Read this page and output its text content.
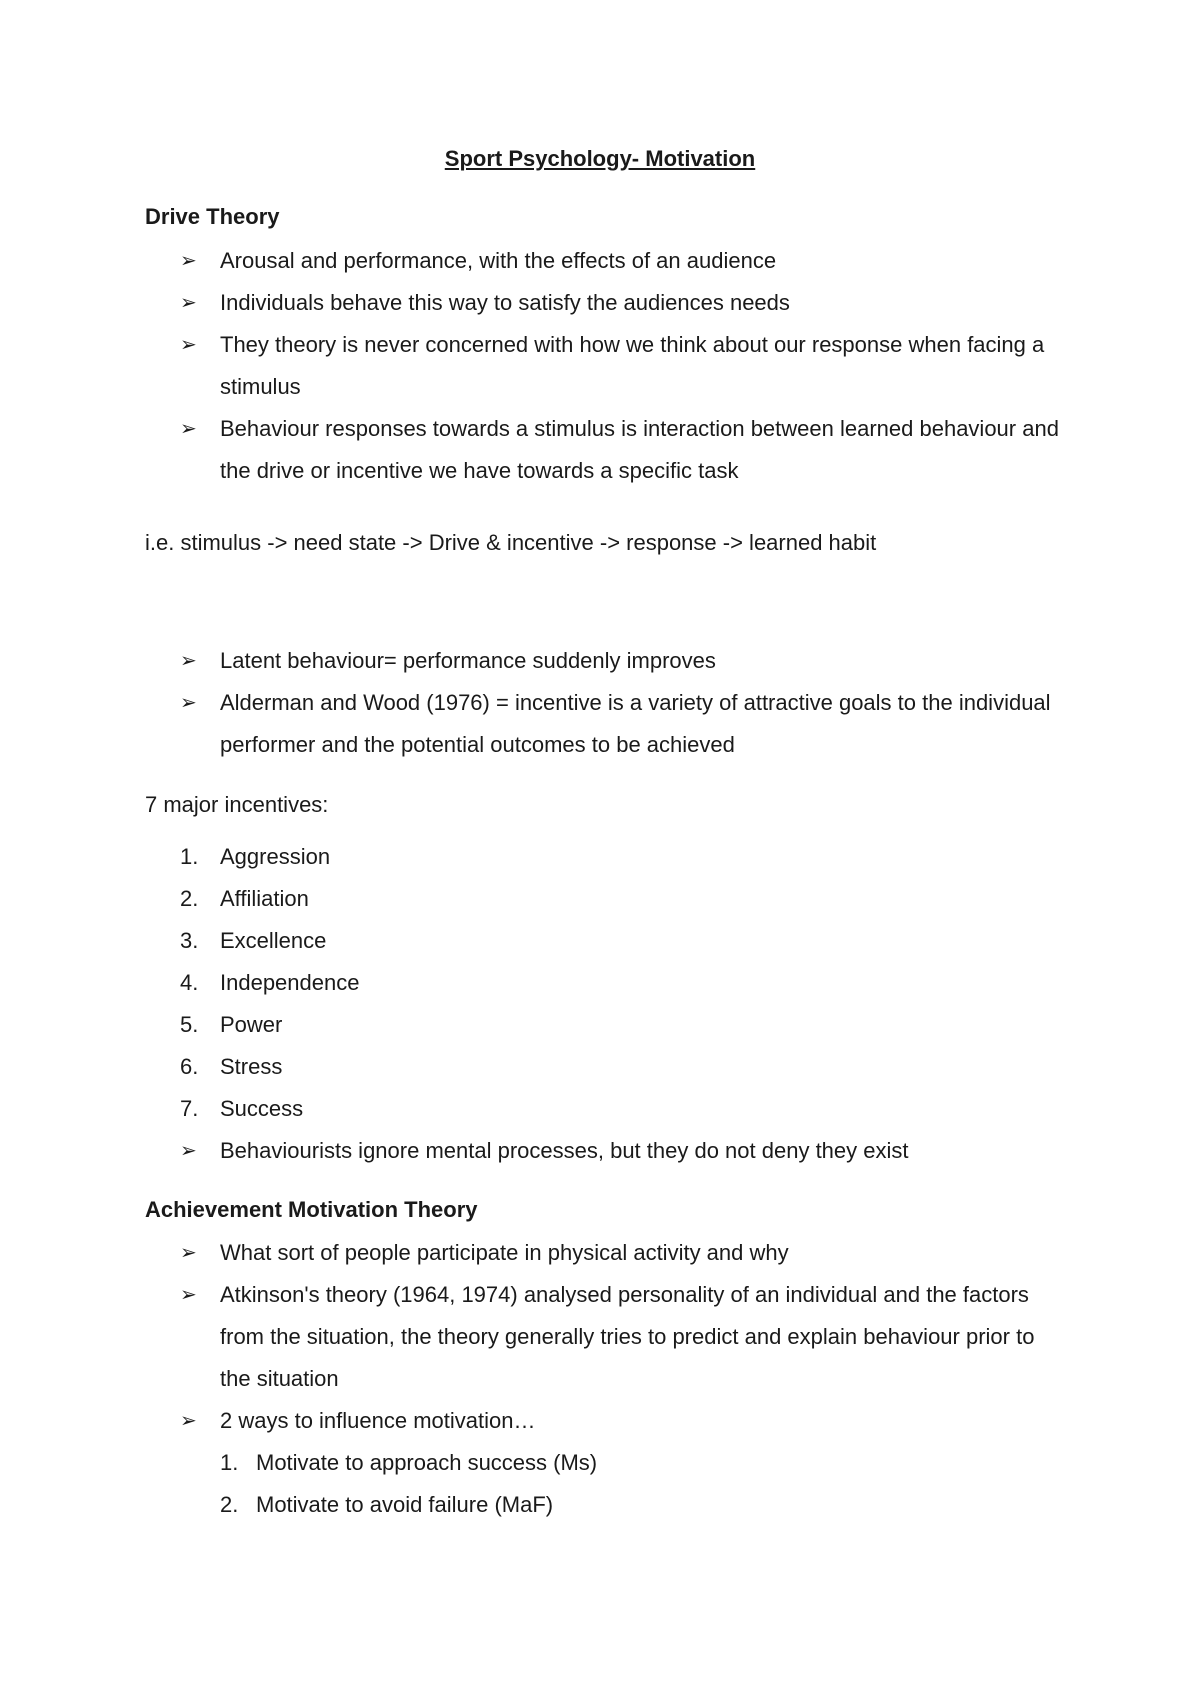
Sport Psychology- Motivation
Drive Theory
➢	Arousal and performance, with the effects of an audience
➢	Individuals behave this way to satisfy the audiences needs
➢	They theory is never concerned with how we think about our response when facing a stimulus
➢	Behaviour responses towards a stimulus is interaction between learned behaviour and the drive or incentive we have towards a specific task
i.e. stimulus -> need state -> Drive & incentive -> response -> learned habit
➢	Latent behaviour= performance suddenly improves
➢	Alderman and Wood (1976) = incentive is a variety of attractive goals to the individual performer and the potential outcomes to be achieved
7 major incentives:
1. Aggression
2. Affiliation
3. Excellence
4. Independence
5. Power
6. Stress
7. Success
➢	Behaviourists ignore mental processes, but they do not deny they exist
Achievement Motivation Theory
➢	What sort of people participate in physical activity and why
➢	Atkinson's theory (1964, 1974) analysed personality of an individual and the factors from the situation, the theory generally tries to predict and explain behaviour prior to the situation
➢	2 ways to influence motivation…
1. Motivate to approach success (Ms)
2. Motivate to avoid failure (MaF)
